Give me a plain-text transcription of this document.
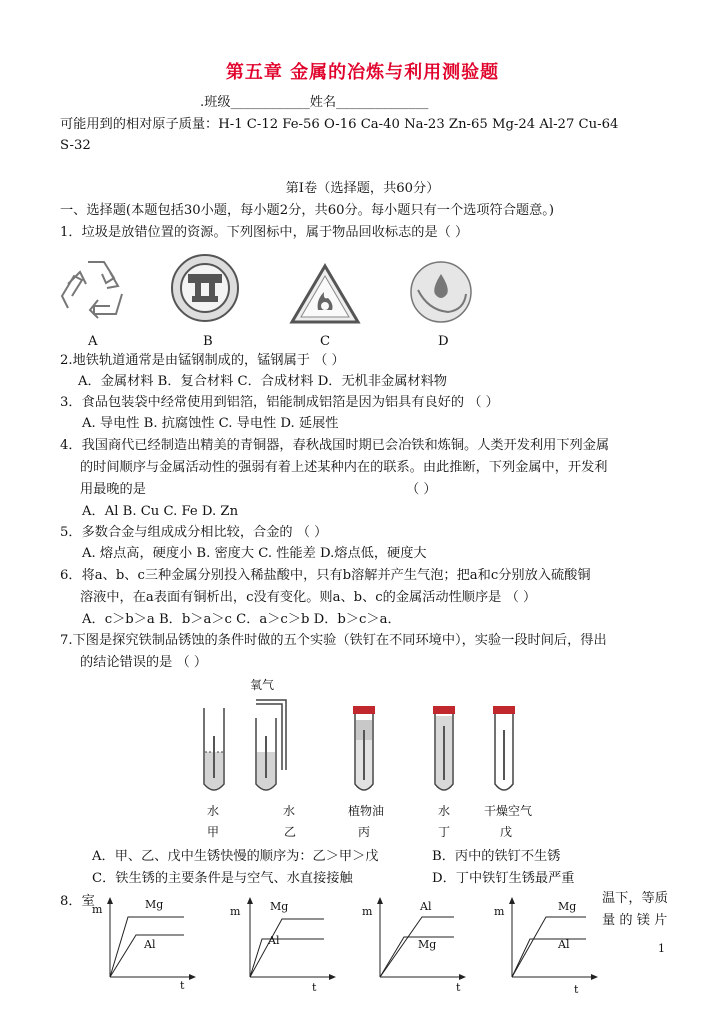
第五章 金属的冶炼与利用测验题
.班级____________姓名______________
可能用到的相对原子质量：H-1 C-12 Fe-56 O-16 Ca-40 Na-23 Zn-65 Mg-24 Al-27 Cu-64
S-32
第Ⅰ卷（选择题，共60分）
一、选择题(本题包括30小题，每小题2分，共60分。每小题只有一个选项符合题意。)
1．垃圾是放错位置的资源。下列图标中，属于物品回收标志的是（ ）
A	B	C	D
2.地铁轨道通常是由锰钢制成的，锰钢属于 （ ）
A．金属材料 B．复合材料 C．合成材料 D．无机非金属材料物
3．食品包装袋中经常使用到铝箔，铝能制成铝箔是因为铝具有良好的 （ ）
A. 导电性 B. 抗腐蚀性 C. 导电性 D. 延展性
4．我国商代已经制造出精美的青铜器，春秋战国时期已会冶铁和炼铜。人类开发利用下列金属
的时间顺序与金属活动性的强弱有着上述某种内在的联系。由此推断，下列金属中，开发利
用最晚的是	（ ）
A．Al B. Cu C. Fe D. Zn
5．多数合金与组成成分相比较，合金的 （ ）
A. 熔点高，硬度小 B. 密度大 C. 性能差 D.熔点低，硬度大
6．将a、b、c三种金属分别投入稀盐酸中，只有b溶解并产生气泡；把a和c分别放入硫酸铜
溶液中，在a表面有铜析出，c没有变化。则a、b、c的金属活动性顺序是 （ ）
A．c＞b＞a B．b＞a＞c C．a＞c＞b D．b＞c＞a．
7.下图是探究铁制品锈蚀的条件时做的五个实验（铁钉在不同环境中），实验一段时间后，得出
的结论错误的是 （ ）
氧气
水	水	植物油	水	干燥空气
甲	乙	丙	丁	戊
A．甲、乙、戊中生锈快慢的顺序为：乙＞甲＞戊	B．丙中的铁钉不生锈
C．铁生锈的主要条件是与空气、水直接接触	D．丁中铁钉生锈最严重
8．室	温下，等质
量 的 镁 片
m	Mg
Al
t
m	Mg
Al
t
m	Al
Mg
t
m	Mg
Al
t
1
